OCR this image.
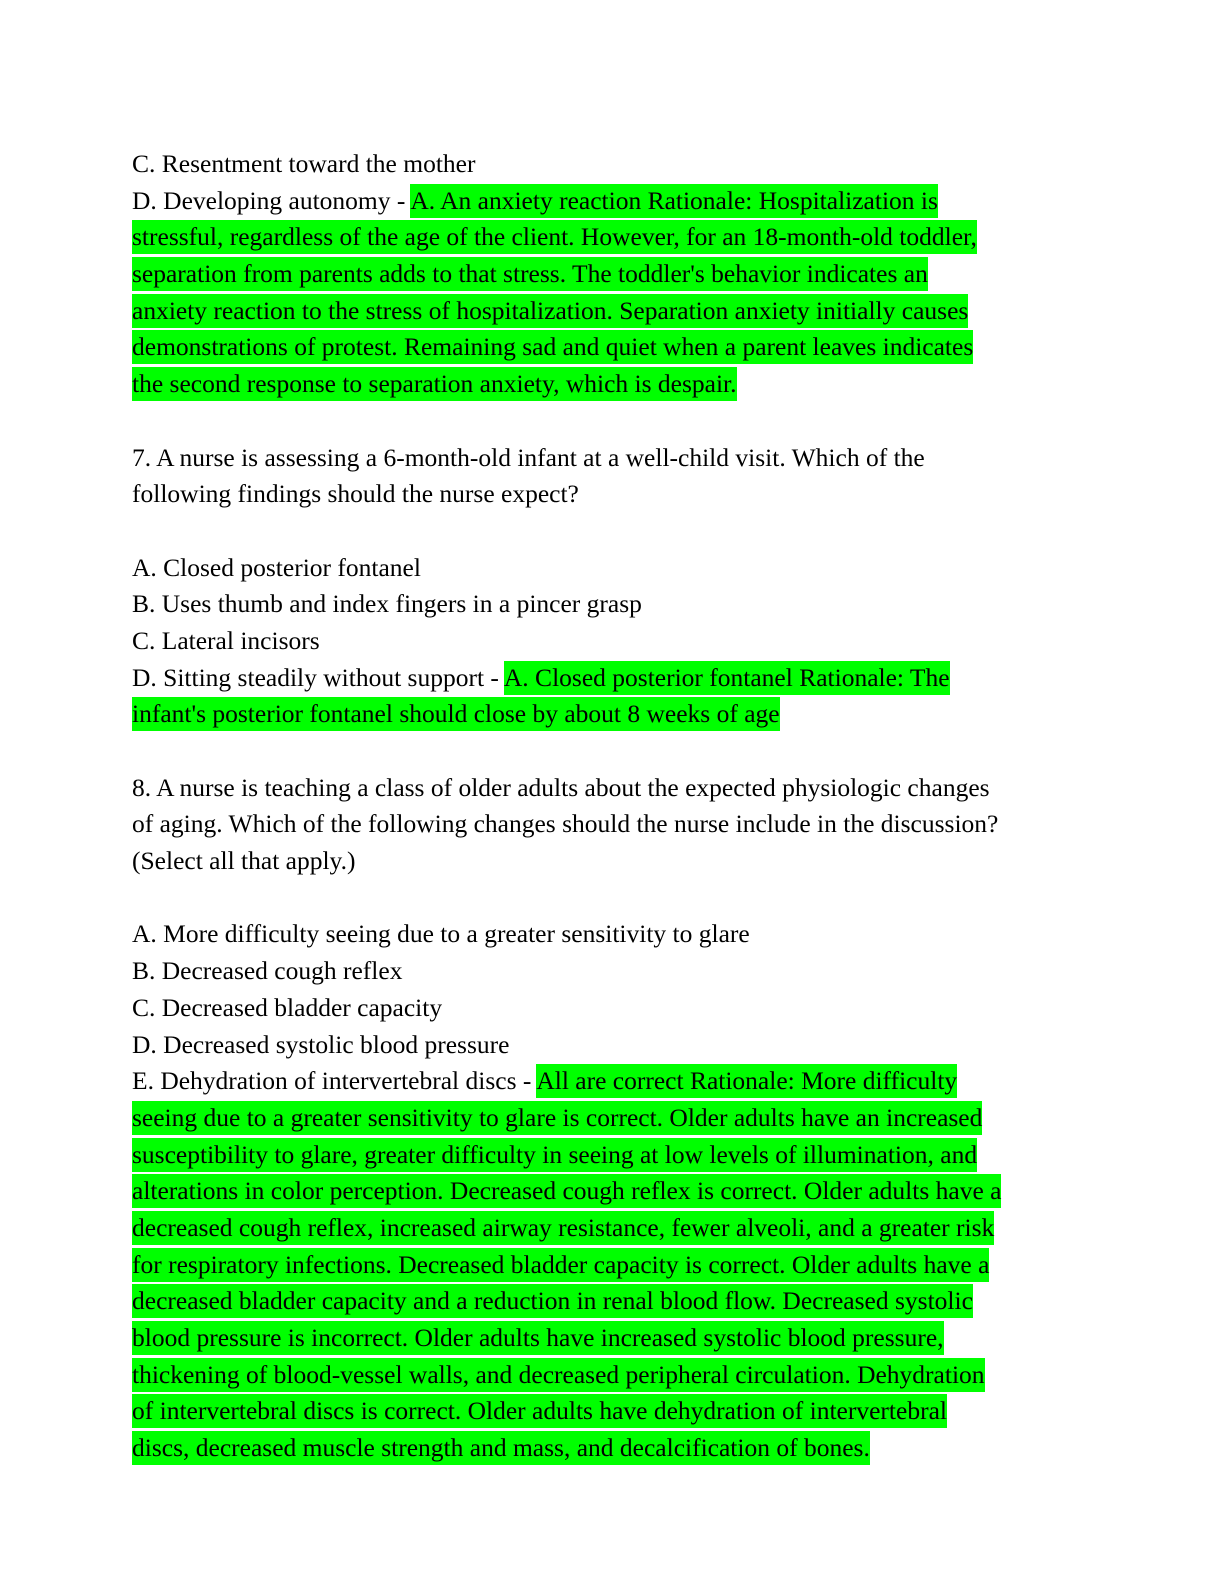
C. Resentment toward the mother
D. Developing autonomy - A. An anxiety reaction Rationale: Hospitalization is
stressful, regardless of the age of the client. However, for an 18-month-old toddler,
separation from parents adds to that stress. The toddler's behavior indicates an
anxiety reaction to the stress of hospitalization. Separation anxiety initially causes
demonstrations of protest. Remaining sad and quiet when a parent leaves indicates
the second response to separation anxiety, which is despair.
7. A nurse is assessing a 6-month-old infant at a well-child visit. Which of the
following findings should the nurse expect?
A. Closed posterior fontanel
B. Uses thumb and index fingers in a pincer grasp
C. Lateral incisors
D. Sitting steadily without support - A. Closed posterior fontanel Rationale: The
infant's posterior fontanel should close by about 8 weeks of age
8. A nurse is teaching a class of older adults about the expected physiologic changes
of aging. Which of the following changes should the nurse include in the discussion?
(Select all that apply.)
A. More difficulty seeing due to a greater sensitivity to glare
B. Decreased cough reflex
C. Decreased bladder capacity
D. Decreased systolic blood pressure
E. Dehydration of intervertebral discs - All are correct Rationale: More difficulty
seeing due to a greater sensitivity to glare is correct. Older adults have an increased
susceptibility to glare, greater difficulty in seeing at low levels of illumination, and
alterations in color perception. Decreased cough reflex is correct. Older adults have a
decreased cough reflex, increased airway resistance, fewer alveoli, and a greater risk
for respiratory infections. Decreased bladder capacity is correct. Older adults have a
decreased bladder capacity and a reduction in renal blood flow. Decreased systolic
blood pressure is incorrect. Older adults have increased systolic blood pressure,
thickening of blood-vessel walls, and decreased peripheral circulation. Dehydration
of intervertebral discs is correct. Older adults have dehydration of intervertebral
discs, decreased muscle strength and mass, and decalcification of bones.
